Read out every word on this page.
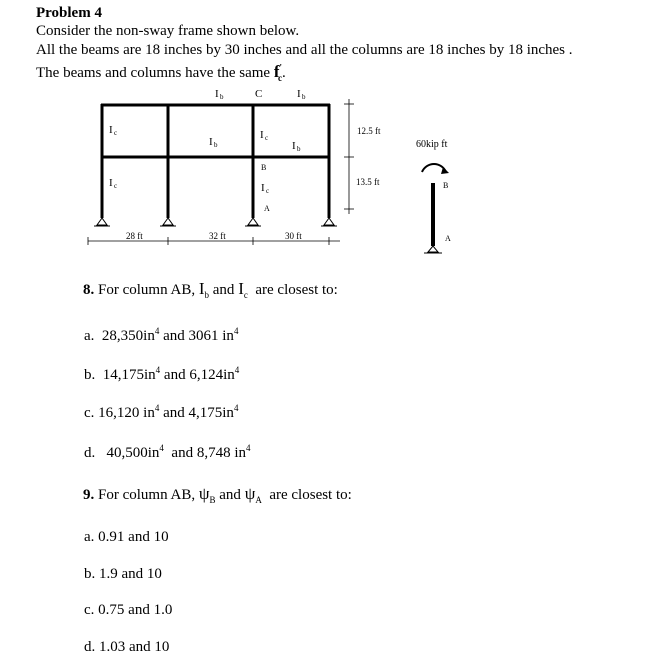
Problem 4
Consider the non-sway frame shown below.
All the beams are 18 inches by 30 inches and all the columns are 18 inches by 18 inches .
The beams and columns have the same $f'_c$.
I b	C	I b
I c
I c
I b
I c
I b
B
I c
A
28 ft	32 ft	30 ft
12.5 ft
13.5 ft
60kip ft
B
A
8. For column AB, $I_b$ and $I_c$ are closest to:
a. $28,350in^4$ and 3061 $in^4$
b. $14,175in^4$ and $6,124in^4$
c. 16,120 $in^4$ and $4,175in^4$
d. $40,500in^4$ and 8,748 $in^4$
9. For column AB, $\psi_B$ and $\psi_A$ are closest to:
a. 0.91 and 10
b. 1.9 and 10
c. 0.75 and 1.0
d. 1.03 and 10
